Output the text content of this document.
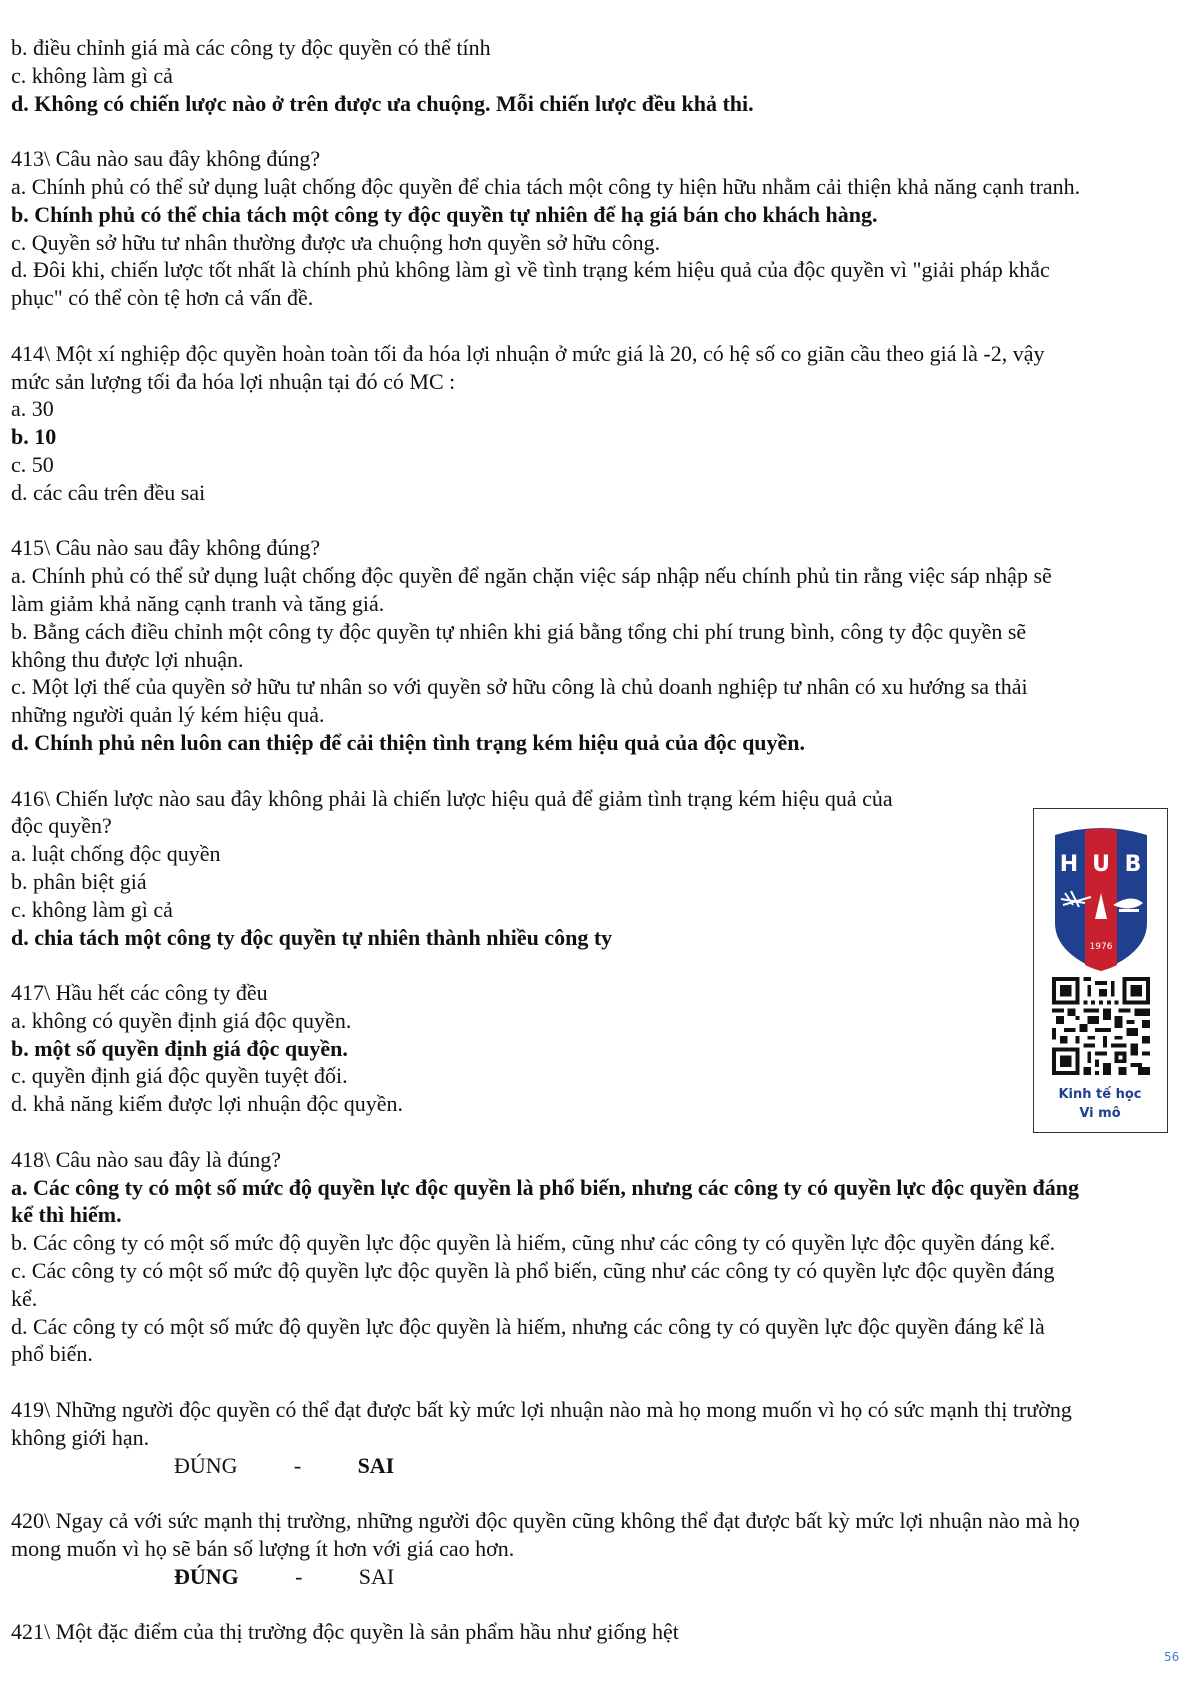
b. điều chỉnh giá mà các công ty độc quyền có thể tính
c. không làm gì cả
d. Không có chiến lược nào ở trên được ưa chuộng. Mỗi chiến lược đều khả thi.
413\ Câu nào sau đây không đúng?
a. Chính phủ có thể sử dụng luật chống độc quyền để chia tách một công ty hiện hữu nhằm cải thiện khả năng cạnh tranh.
b. Chính phủ có thể chia tách một công ty độc quyền tự nhiên để hạ giá bán cho khách hàng.
c. Quyền sở hữu tư nhân thường được ưa chuộng hơn quyền sở hữu công.
d. Đôi khi, chiến lược tốt nhất là chính phủ không làm gì về tình trạng kém hiệu quả của độc quyền vì "giải pháp khắc
phục" có thể còn tệ hơn cả vấn đề.
414\ Một xí nghiệp độc quyền hoàn toàn tối đa hóa lợi nhuận ở mức giá là 20, có hệ số co giãn cầu theo giá là -2, vậy
mức sản lượng tối đa hóa lợi nhuận tại đó có MC :
a. 30
b. 10
c. 50
d. các câu trên đều sai
415\ Câu nào sau đây không đúng?
a. Chính phủ có thể sử dụng luật chống độc quyền để ngăn chặn việc sáp nhập nếu chính phủ tin rằng việc sáp nhập sẽ
làm giảm khả năng cạnh tranh và tăng giá.
b. Bằng cách điều chỉnh một công ty độc quyền tự nhiên khi giá bằng tổng chi phí trung bình, công ty độc quyền sẽ
không thu được lợi nhuận.
c. Một lợi thế của quyền sở hữu tư nhân so với quyền sở hữu công là chủ doanh nghiệp tư nhân có xu hướng sa thải
những người quản lý kém hiệu quả.
d. Chính phủ nên luôn can thiệp để cải thiện tình trạng kém hiệu quả của độc quyền.
416\ Chiến lược nào sau đây không phải là chiến lược hiệu quả để giảm tình trạng kém hiệu quả của
độc quyền?
a. luật chống độc quyền
b. phân biệt giá
c. không làm gì cả
d. chia tách một công ty độc quyền tự nhiên thành nhiều công ty
417\ Hầu hết các công ty đều
a. không có quyền định giá độc quyền.
b. một số quyền định giá độc quyền.
c. quyền định giá độc quyền tuyệt đối.
d. khả năng kiếm được lợi nhuận độc quyền.
418\ Câu nào sau đây là đúng?
a. Các công ty có một số mức độ quyền lực độc quyền là phổ biến, nhưng các công ty có quyền lực độc quyền đáng
kể thì hiếm.
b. Các công ty có một số mức độ quyền lực độc quyền là hiếm, cũng như các công ty có quyền lực độc quyền đáng kể.
c. Các công ty có một số mức độ quyền lực độc quyền là phổ biến, cũng như các công ty có quyền lực độc quyền đáng
kể.
d. Các công ty có một số mức độ quyền lực độc quyền là hiếm, nhưng các công ty có quyền lực độc quyền đáng kể là
phổ biến.
419\ Những người độc quyền có thể đạt được bất kỳ mức lợi nhuận nào mà họ mong muốn vì họ có sức mạnh thị trường
không giới hạn.
ĐÚNG	-	SAI
420\ Ngay cả với sức mạnh thị trường, những người độc quyền cũng không thể đạt được bất kỳ mức lợi nhuận nào mà họ
mong muốn vì họ sẽ bán số lượng ít hơn với giá cao hơn.
ĐÚNG	-	SAI
421\ Một đặc điểm của thị trường độc quyền là sản phẩm hầu như giống hệt
H U B
1976
Kinh tế học
Vi mô
56
